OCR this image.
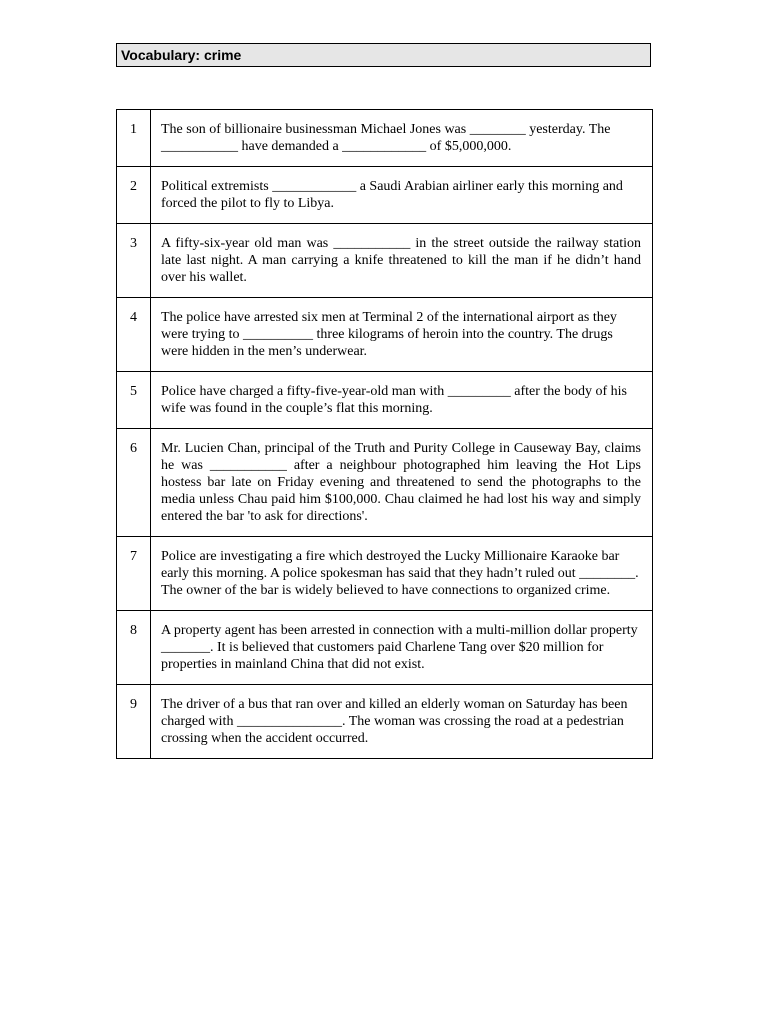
Vocabulary: crime
1	The son of billionaire businessman Michael Jones was ________ yesterday. The ___________ have demanded a ____________ of $5,000,000.
2	Political extremists ____________ a Saudi Arabian airliner early this morning and forced the pilot to fly to Libya.
3	A fifty-six-year old man was ___________ in the street outside the railway station late last night. A man carrying a knife threatened to kill the man if he didn’t hand over his wallet.
4	The police have arrested six men at Terminal 2 of the international airport as they were trying to __________ three kilograms of heroin into the country. The drugs were hidden in the men’s underwear.
5	Police have charged a fifty-five-year-old man with _________ after the body of his wife was found in the couple’s flat this morning.
6	Mr. Lucien Chan, principal of the Truth and Purity College in Causeway Bay, claims he was ___________ after a neighbour photographed him leaving the Hot Lips hostess bar late on Friday evening and threatened to send the photographs to the media unless Chau paid him $100,000. Chau claimed he had lost his way and simply entered the bar 'to ask for directions'.
7	Police are investigating a fire which destroyed the Lucky Millionaire Karaoke bar early this morning. A police spokesman has said that they hadn’t ruled out ________. The owner of the bar is widely believed to have connections to organized crime.
8	A property agent has been arrested in connection with a multi-million dollar property _______. It is believed that customers paid Charlene Tang over $20 million for properties in mainland China that did not exist.
9	The driver of a bus that ran over and killed an elderly woman on Saturday has been charged with _______________. The woman was crossing the road at a pedestrian crossing when the accident occurred.
